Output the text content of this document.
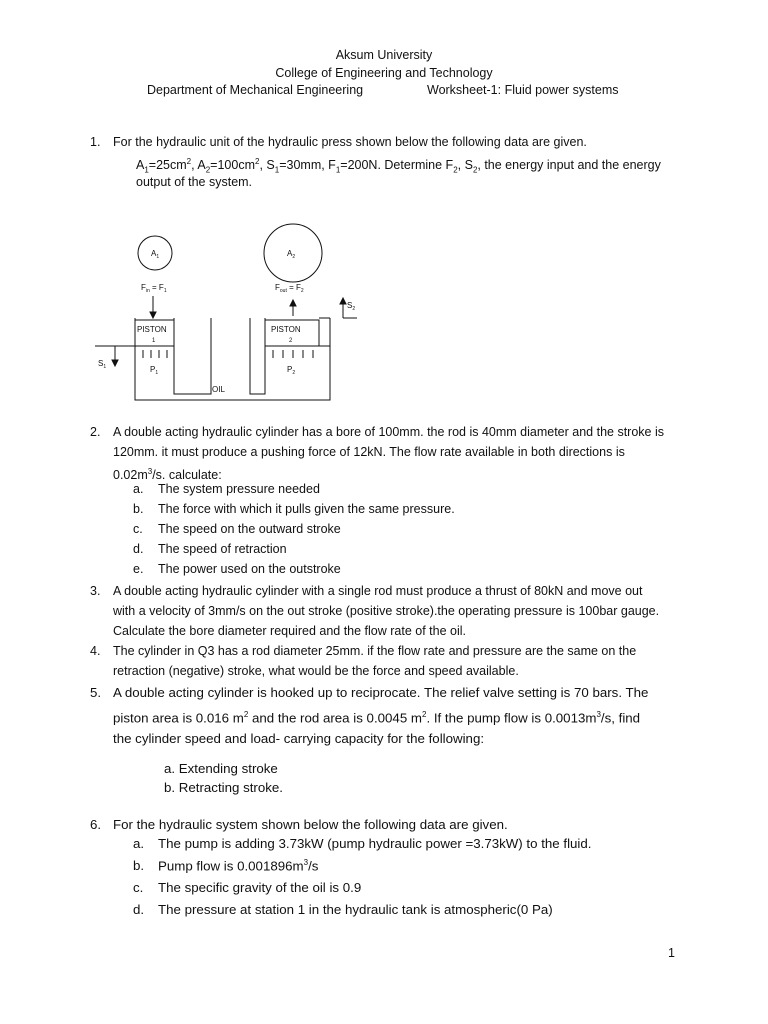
Aksum University
College of Engineering and Technology
Department of Mechanical Engineering	Worksheet-1: Fluid power systems
1. For the hydraulic unit of the hydraulic press shown below the following data are given.
$A_1=25cm^2$, $A_2=100cm^2$, $S_1=30mm$, $F_1=200N$. Determine $F_2$, $S_2$, the energy input and the energy
output of the system.
$A_1$	$A_2$
$F_{in} = F_1$	$F_{out} = F_2$
$S_2$
PISTON
1
$P_1$
PISTON
2
$P_2$
$S_1$
OIL
2. A double acting hydraulic cylinder has a bore of 100mm. the rod is 40mm diameter and the stroke is
120mm. it must produce a pushing force of 12kN. The flow rate available in both directions is
$0.02m^3/s$. calculate:
a. The system pressure needed
b. The force with which it pulls given the same pressure.
c. The speed on the outward stroke
d. The speed of retraction
e. The power used on the outstroke
3. A double acting hydraulic cylinder with a single rod must produce a thrust of 80kN and move out
with a velocity of 3mm/s on the out stroke (positive stroke).the operating pressure is 100bar gauge.
Calculate the bore diameter required and the flow rate of the oil.
4. The cylinder in Q3 has a rod diameter 25mm. if the flow rate and pressure are the same on the
retraction (negative) stroke, what would be the force and speed available.
5. A double acting cylinder is hooked up to reciprocate. The relief valve setting is 70 bars. The
piston area is 0.016 $m^2$ and the rod area is 0.0045 $m^2$. If the pump flow is $0.0013m^3/s$, find
the cylinder speed and load- carrying capacity for the following:
a. Extending stroke
b. Retracting stroke.
6. For the hydraulic system shown below the following data are given.
a. The pump is adding 3.73kW (pump hydraulic power =3.73kW) to the fluid.
b. Pump flow is $0.001896m^3/s$
c. The specific gravity of the oil is 0.9
d. The pressure at station 1 in the hydraulic tank is atmospheric(0 Pa)
1
